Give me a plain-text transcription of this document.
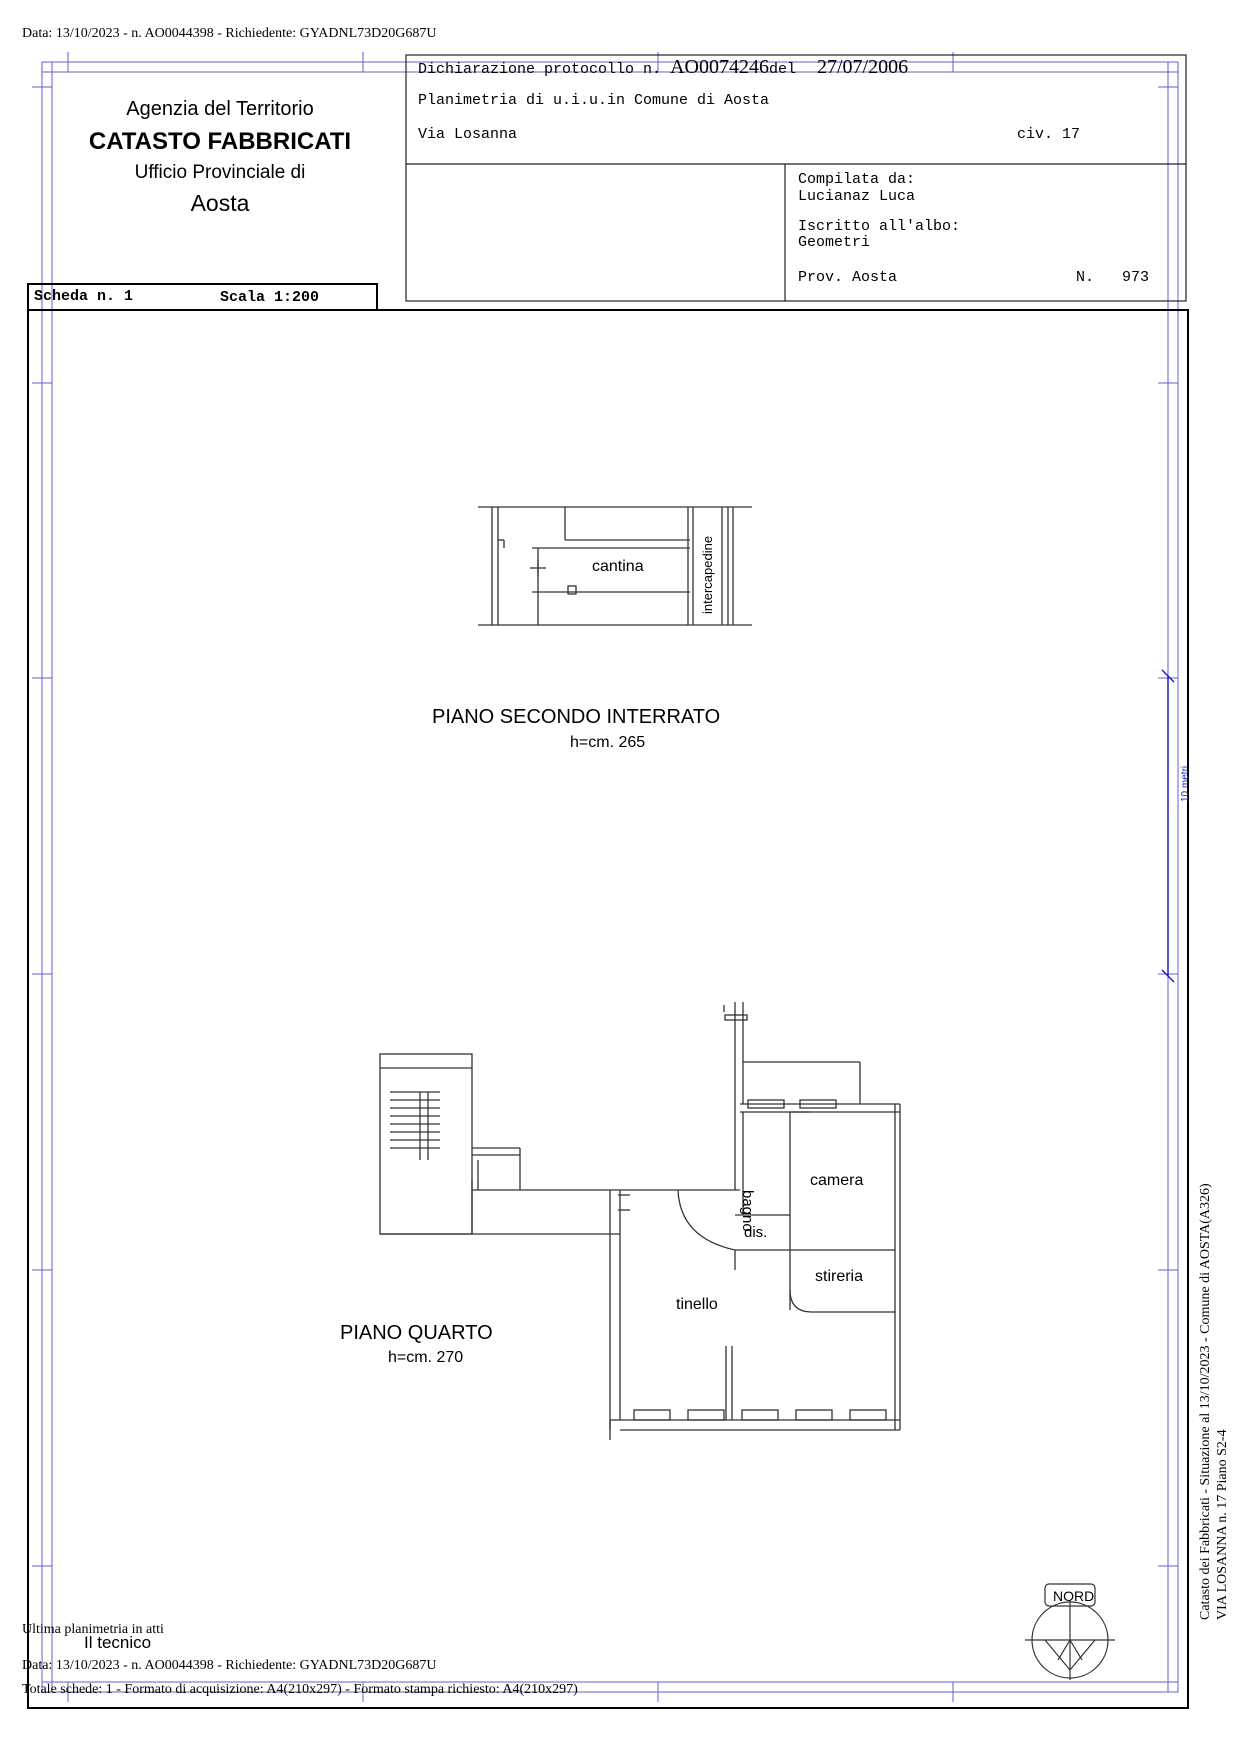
Data: 13/10/2023 - n. AO0044398 - Richiedente: GYADNL73D20G687U
Agenzia del Territorio
CATASTO FABBRICATI
Ufficio Provinciale di
Aosta
Dichiarazione protocollo n. AO0074246del 27/07/2006
Planimetria di u.i.u.in Comune di Aosta
Via Losanna	civ. 17
Compilata da:
Lucianaz Luca
Iscritto all'albo:
Geometri
Prov. Aosta	N. 973
Scheda n. 1	Scala 1:200
cantina	intercapedine
PIANO SECONDO INTERRATO
h=cm. 265
bagno
camera
dis.
stireria
tinello
PIANO QUARTO
h=cm. 270
10 metri
NORD	Catasto dei Fabbricati - Situazione al 13/10/2023 - Comune di AOSTA(A326) VIA LOSANNA n. 17 Piano S2-4
Ultima planimetria in atti
Il tecnico
Data: 13/10/2023 - n. AO0044398 - Richiedente: GYADNL73D20G687U
Totale schede: 1 - Formato di acquisizione: A4(210x297) - Formato stampa richiesto: A4(210x297)
